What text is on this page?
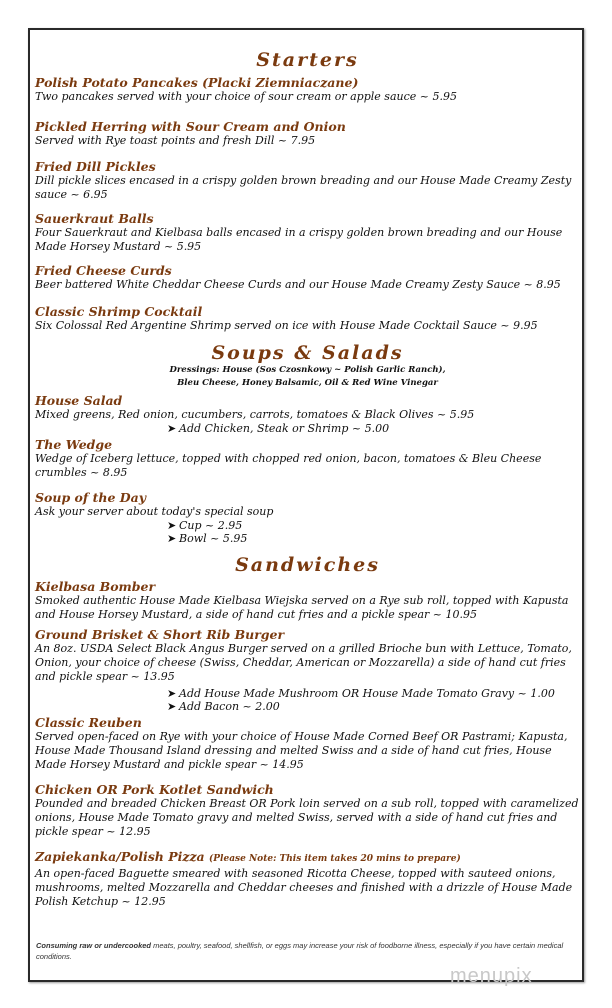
Starters

Polish Potato Pancakes (Placki Ziemniaczane)

Two pancakes served with your choice of sour cream or apple sauce ~ 5.95

Pickled Herring with Sour Cream and Onion

Served with Rye toast points and fresh Dill ~ 7.95

Fried Dill Pickles

Dill pickle slices encased in a crispy golden brown breading and our House Made Creamy Zesty sauce ~ 6.95

Sauerkraut Balls

Four Sauerkraut and Kielbasa balls encased in a crispy golden brown breading and our House Made Horsey Mustard ~ 5.95

Fried Cheese Curds

Beer battered White Cheddar Cheese Curds and our House Made Creamy Zesty Sauce ~ 8.95

Classic Shrimp Cocktail

Six Colossal Red Argentine Shrimp served on ice with House Made Cocktail Sauce ~ 9.95

Soups & Salads

Dressings: House (Sos Czosnkowy ~ Polish Garlic Ranch),

Bleu Cheese, Honey Balsamic, Oil & Red Wine Vinegar

House Salad

Mixed greens, Red onion, cucumbers, carrots, tomatoes & Black Olives ~ 5.95

➤ Add Chicken, Steak or Shrimp ~ 5.00

The Wedge

Wedge of Iceberg lettuce, topped with chopped red onion, bacon, tomatoes & Bleu Cheese crumbles ~ 8.95

Soup of the Day

Ask your server about today's special soup

➤ Cup ~ 2.95

➤ Bowl ~ 5.95

Sandwiches

Kielbasa Bomber

Smoked authentic House Made Kielbasa Wiejska served on a Rye sub roll, topped with Kapusta and House Horsey Mustard, a side of hand cut fries and a pickle spear ~ 10.95

Ground Brisket & Short Rib Burger

An 8oz. USDA Select Black Angus Burger served on a grilled Brioche bun with Lettuce, Tomato, Onion, your choice of cheese (Swiss, Cheddar, American or Mozzarella) a side of hand cut fries and pickle spear ~ 13.95

➤ Add House Made Mushroom OR House Made Tomato Gravy ~ 1.00

➤ Add Bacon ~ 2.00

Classic Reuben

Served open-faced on Rye with your choice of House Made Corned Beef OR Pastrami; Kapusta, House Made Thousand Island dressing and melted Swiss and a side of hand cut fries, House Made Horsey Mustard and pickle spear ~ 14.95

Chicken OR Pork Kotlet Sandwich

Pounded and breaded Chicken Breast OR Pork loin served on a sub roll, topped with caramelized onions, House Made Tomato gravy and melted Swiss, served with a side of hand cut fries and pickle spear ~ 12.95

Zapiekanka/Polish Pizza (Please Note: This item takes 20 mins to prepare)

An open-faced Baguette smeared with seasoned Ricotta Cheese, topped with sauteed onions, mushrooms, melted Mozzarella and Cheddar cheeses and finished with a drizzle of House Made Polish Ketchup ~ 12.95

Consuming raw or undercooked meats, poultry, seafood, shellfish, or eggs may increase your risk of foodborne illness, especially if you have certain medical conditions.
menupix
